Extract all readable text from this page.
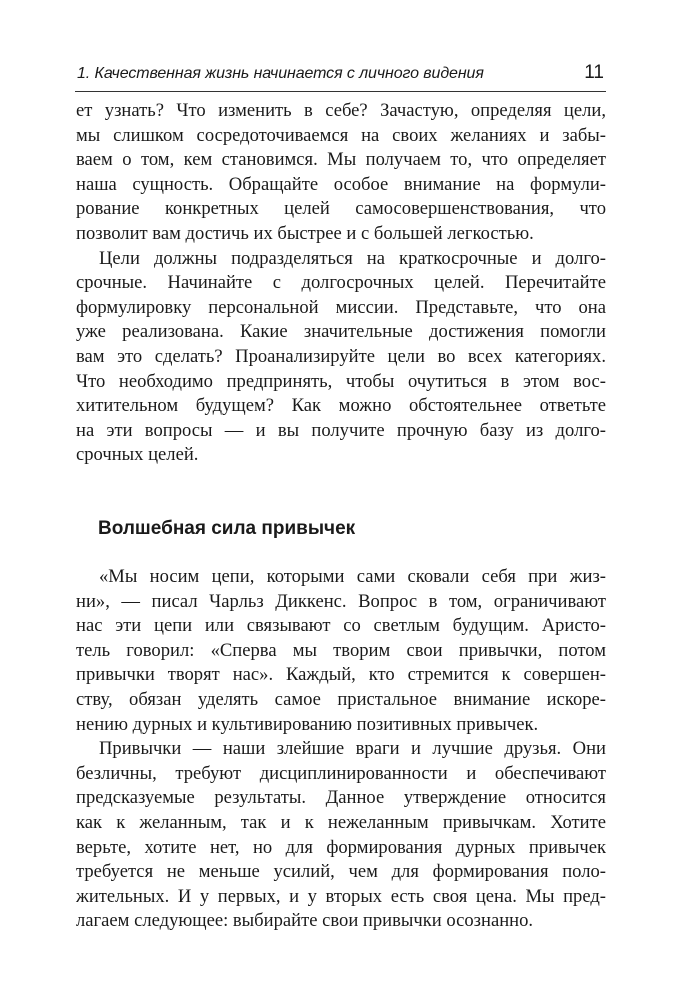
1. Качественная жизнь начинается с личного видения	11

ет узнать? Что изменить в себе? Зачастую, определяя цели,
мы слишком сосредоточиваемся на своих желаниях и забы-
ваем о том, кем становимся. Мы получаем то, что определяет
наша сущность. Обращайте особое внимание на формули-
рование конкретных целей самосовершенствования, что
позволит вам достичь их быстрее и с большей легкостью.

Цели должны подразделяться на краткосрочные и долго-
срочные. Начинайте с долгосрочных целей. Перечитайте
формулировку персональной миссии. Представьте, что она
уже реализована. Какие значительные достижения помогли
вам это сделать? Проанализируйте цели во всех категориях.
Что необходимо предпринять, чтобы очутиться в этом вос-
хитительном будущем? Как можно обстоятельнее ответьте
на эти вопросы — и вы получите прочную базу из долго-
срочных целей.

Волшебная сила привычек

«Мы носим цепи, которыми сами сковали себя при жиз-
ни», — писал Чарльз Диккенс. Вопрос в том, ограничивают
нас эти цепи или связывают со светлым будущим. Аристо-
тель говорил: «Сперва мы творим свои привычки, потом
привычки творят нас». Каждый, кто стремится к совершен-
ству, обязан уделять самое пристальное внимание искоре-
нению дурных и культивированию позитивных привычек.

Привычки — наши злейшие враги и лучшие друзья. Они
безличны, требуют дисциплинированности и обеспечивают
предсказуемые результаты. Данное утверждение относится
как к желанным, так и к нежеланным привычкам. Хотите
верьте, хотите нет, но для формирования дурных привычек
требуется не меньше усилий, чем для формирования поло-
жительных. И у первых, и у вторых есть своя цена. Мы пред-
лагаем следующее: выбирайте свои привычки осознанно.
